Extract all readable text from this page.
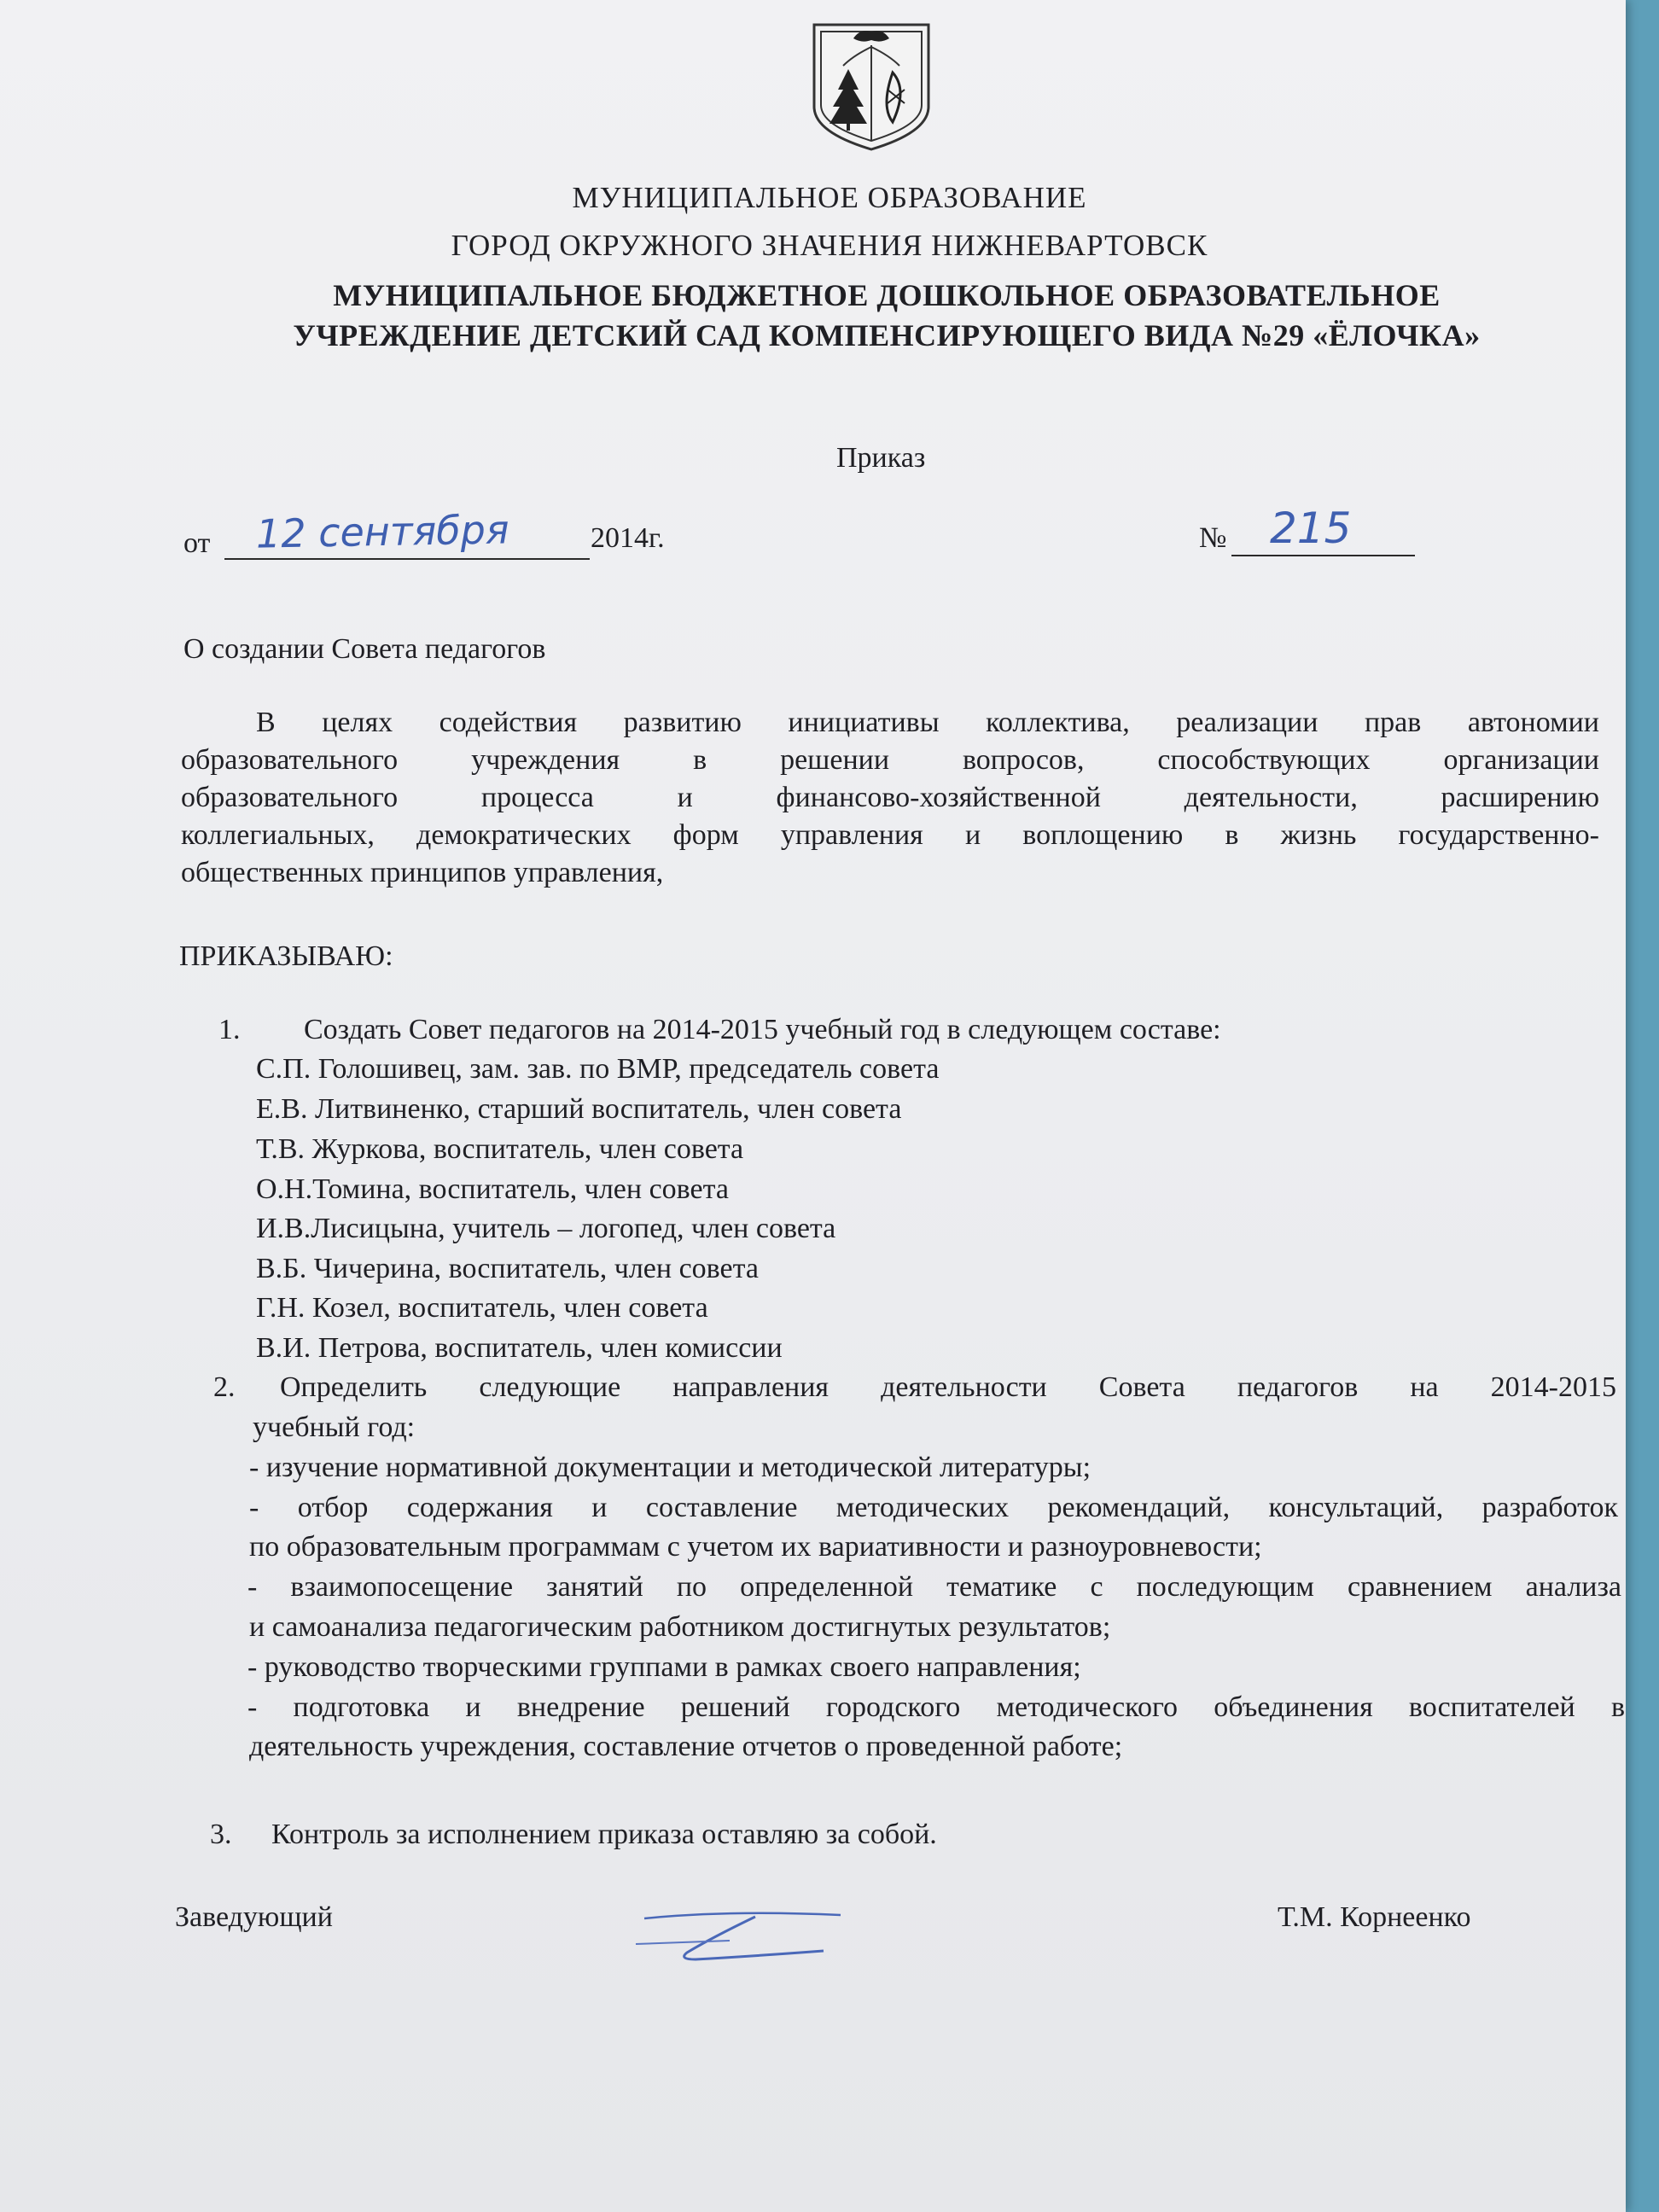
МУНИЦИПАЛЬНОЕ ОБРАЗОВАНИЕ
ГОРОД ОКРУЖНОГО ЗНАЧЕНИЯ НИЖНЕВАРТОВСК
МУНИЦИПАЛЬНОЕ БЮДЖЕТНОЕ ДОШКОЛЬНОЕ ОБРАЗОВАТЕЛЬНОЕ
УЧРЕЖДЕНИЕ ДЕТСКИЙ САД КОМПЕНСИРУЮЩЕГО ВИДА №29 «ЁЛОЧКА»
Приказ
от 12 сентября	2014г.	№ 215
О создании Совета педагогов
В целях содействия развитию инициативы коллектива, реализации прав автономии
образовательного учреждения в решении вопросов, способствующих организации
образовательного процесса и финансово-хозяйственной деятельности, расширению
коллегиальных, демократических форм управления и воплощению в жизнь государственно-
общественных принципов управления,
ПРИКАЗЫВАЮ:
1. Создать Совет педагогов на 2014-2015 учебный год в следующем составе:
С.П. Голошивец, зам. зав. по ВМР, председатель совета
Е.В. Литвиненко, старший воспитатель, член совета
Т.В. Журкова, воспитатель, член совета
О.Н.Томина, воспитатель, член совета
И.В.Лисицына, учитель – логопед, член совета
В.Б. Чичерина, воспитатель, член совета
Г.Н. Козел, воспитатель, член совета
В.И. Петрова, воспитатель, член комиссии
2. Определить следующие направления деятельности Совета педагогов на 2014-2015
учебный год:
- изучение нормативной документации и методической литературы;
- отбор содержания и составление методических рекомендаций, консультаций, разработок
по образовательным программам с учетом их вариативности и разноуровневости;
- взаимопосещение занятий по определенной тематике с последующим сравнением анализа
и самоанализа педагогическим работником достигнутых результатов;
- руководство творческими группами в рамках своего направления;
- подготовка и внедрение решений городского методического объединения воспитателей в
деятельность учреждения, составление отчетов о проведенной работе;
3. Контроль за исполнением приказа оставляю за собой.
Заведующий	Т.М. Корнеенко
